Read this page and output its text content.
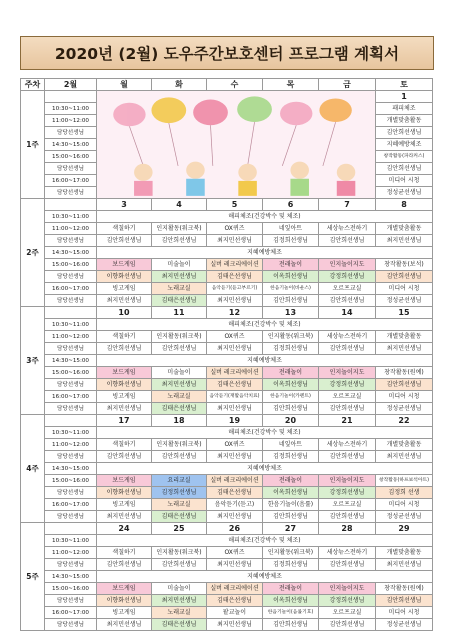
2020년 (2월) 도우주간보호센터 프로그램 계획서
주차	2월	월	화	수	목	금	토
1주							1
	10:30~11:00						패피체조
	11:00~12:00						개별맞춤활동
	담당선생님						김안희선생님
	14:30~15:00						지혜예방체조
	15:00~16:00						창작활동(파라커스)
	담당선생님						김안희선생님
	16:00~17:00						미디어 시청
	담당선생님						정성균선생님
2주		3	4	5	6	7	8
	10:30~11:00	해피체조(건강박수 및 체조)					
	11:00~12:00	색칠하기	인지활동(워크북)	OX퀴즈	네잎아트	세상뉴스전하기	개별맞춤활동
	담당선생님	김안희선생님	김안희선생님	최지민선생님	김정희선생님	김안희선생님	최지민선생님
	14:30~15:00	지혜예방체조					
	15:00~16:00	보드게임	미술놀이	실버 레크리에이션	전래놀이	인지놀이지도	창작활동(보석)
	담당선생님	이향화선생님	최지민선생님	김태은선생님	이옥희선생님	강정희선생님	김안희선생님
	16:00~17:00	빙고게임	노래교실	음악듣기(듣고부르기)	한음기놀이(바운스)	오르프교실	미디어 시청
	담당선생님	최지민선생님	김태은선생님	최지민선생님	김안희선생님	김안희선생님	정성균선생님
3주		10	11	12	13	14	15
	10:30~11:00	해피체조(건강박수 및 체조)					
	11:00~12:00	색칠하기	인지활동(워크북)	OX퀴즈	인지활동(워크북)	세상뉴스전하기	개별맞춤활동
	담당선생님	김안희선생님	김안희선생님	최지민선생님	김정희선생님	김안희선생님	최지민선생님
	14:30~15:00	지혜예방체조					
	15:00~16:00	보드게임	미술놀이	실버 레크리에이션	전래놀이	인지놀이지도	창작활동(원예)
	담당선생님	이향화선생님	최지민선생님	김태은선생님	이옥희선생님	강정희선생님	김안희선생님
	16:00~17:00	빙고게임	노래교실	음악듣기(재활음악치료)	한음기놀이(카펜트)	오르프교실	미디어 시청
	담당선생님	최지민선생님	김태은선생님	최지민선생님	김안희선생님	김안희선생님	정성균선생님
4주		17	18	19	20	21	22
	10:30~11:00	해피체조(건강박수 및 체조)					
	11:00~12:00	색칠하기	인지활동(워크북)	OX퀴즈	네잎아트	세상뉴스전하기	개별맞춤활동
	담당선생님	김안희선생님	김안희선생님	최지민선생님	김정희선생님	김안희선생님	최지민선생님
	14:30~15:00	지혜예방체조					
	15:00~16:00	보드게임	요리교실	실버 레크리에이션	전래놀이	인지놀이지도	창작활동(하프보석아트)
	담당선생님	이향화선생님	김정희선생님	김태은선생님	이옥희선생님	강정희선생님	김정희 선생
	16:00~17:00	빙고게임	노래교실	음악듣기(듣고)	한음기놀이(음률)	오르프교실	미디어 시청
	담당선생님	최지민선생님	김태은선생님	최지민선생님	김안희선생님	김안희선생님	정성균선생님
5주		24	25	26	27	28	29
	10:30~11:00	해피체조(건강박수 및 체조)					
	11:00~12:00	색칠하기	인지활동(워크북)	OX퀴즈	인지활동(워크북)	세상뉴스전하기	개별맞춤활동
	담당선생님	김안희선생님	김안희선생님	최지민선생님	김정희선생님	김안희선생님	최지민선생님
	14:30~15:00	지혜예방체조					
	15:00~16:00	보드게임	미술놀이	실버 레크리에이션	전래놀이	인지놀이지도	창작활동(원예)
	담당선생님	이향화선생님	최지민선생님	김태은선생님	이옥희선생님	강정희선생님	김안희선생님
	16:00~17:00	빙고게임	노래교실	팥교놀이	한음기놀이(음률기호)	오르프교실	미디어 시청
	담당선생님	최지민선생님	김태은선생님	최지민선생님	김안희선생님	김안희선생님	정성균선생님
